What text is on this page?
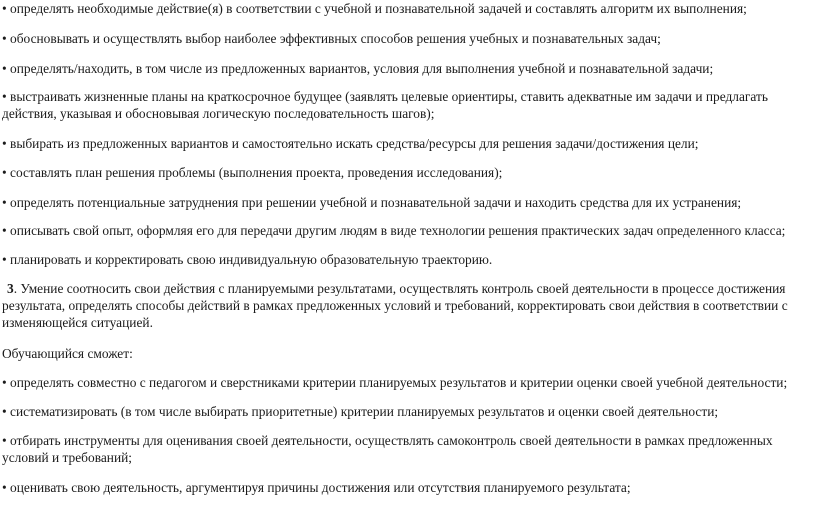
• определять необходимые действие(я) в соответствии с учебной и познавательной задачей и составлять алгоритм их выполнения;
• обосновывать и осуществлять выбор наиболее эффективных способов решения учебных и познавательных задач;
• определять/находить, в том числе из предложенных вариантов, условия для выполнения учебной и познавательной задачи;
• выстраивать жизненные планы на краткосрочное будущее (заявлять целевые ориентиры, ставить адекватные им задачи и предлагать
действия, указывая и обосновывая логическую последовательность шагов);
• выбирать из предложенных вариантов и самостоятельно искать средства/ресурсы для решения задачи/достижения цели;
• составлять план решения проблемы (выполнения проекта, проведения исследования);
• определять потенциальные затруднения при решении учебной и познавательной задачи и находить средства для их устранения;
• описывать свой опыт, оформляя его для передачи другим людям в виде технологии решения практических задач определенного класса;
• планировать и корректировать свою индивидуальную образовательную траекторию.
3. Умение соотносить свои действия с планируемыми результатами, осуществлять контроль своей деятельности в процессе достижения
результата, определять способы действий в рамках предложенных условий и требований, корректировать свои действия в соответствии с
изменяющейся ситуацией.
Обучающийся сможет:
• определять совместно с педагогом и сверстниками критерии планируемых результатов и критерии оценки своей учебной деятельности;
• систематизировать (в том числе выбирать приоритетные) критерии планируемых результатов и оценки своей деятельности;
• отбирать инструменты для оценивания своей деятельности, осуществлять самоконтроль своей деятельности в рамках предложенных
условий и требований;
• оценивать свою деятельность, аргументируя причины достижения или отсутствия планируемого результата;
